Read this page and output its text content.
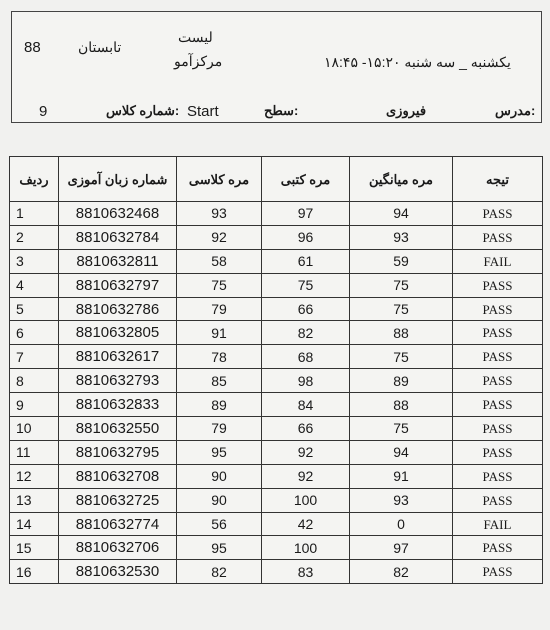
88	تابستان
لیست
مرکزآمو	یکشنبه _ سه شنبه ۱۵:۲۰- ۱۸:۴۵
9	شماره کلاس: Start	سطح:	فیروزی	مدرس:
ردیف	شماره زبان آموزی	مره کلاسی	مره کتبی	مره میانگین	تیجه
1	8810632468	93	97	94	PASS
2	8810632784	92	96	93	PASS
3	8810632811	58	61	59	FAIL
4	8810632797	75	75	75	PASS
5	8810632786	79	66	75	PASS
6	8810632805	91	82	88	PASS
7	8810632617	78	68	75	PASS
8	8810632793	85	98	89	PASS
9	8810632833	89	84	88	PASS
10	8810632550	79	66	75	PASS
11	8810632795	95	92	94	PASS
12	8810632708	90	92	91	PASS
13	8810632725	90	100	93	PASS
14	8810632774	56	42	0	FAIL
15	8810632706	95	100	97	PASS
16	8810632530	82	83	82	PASS
